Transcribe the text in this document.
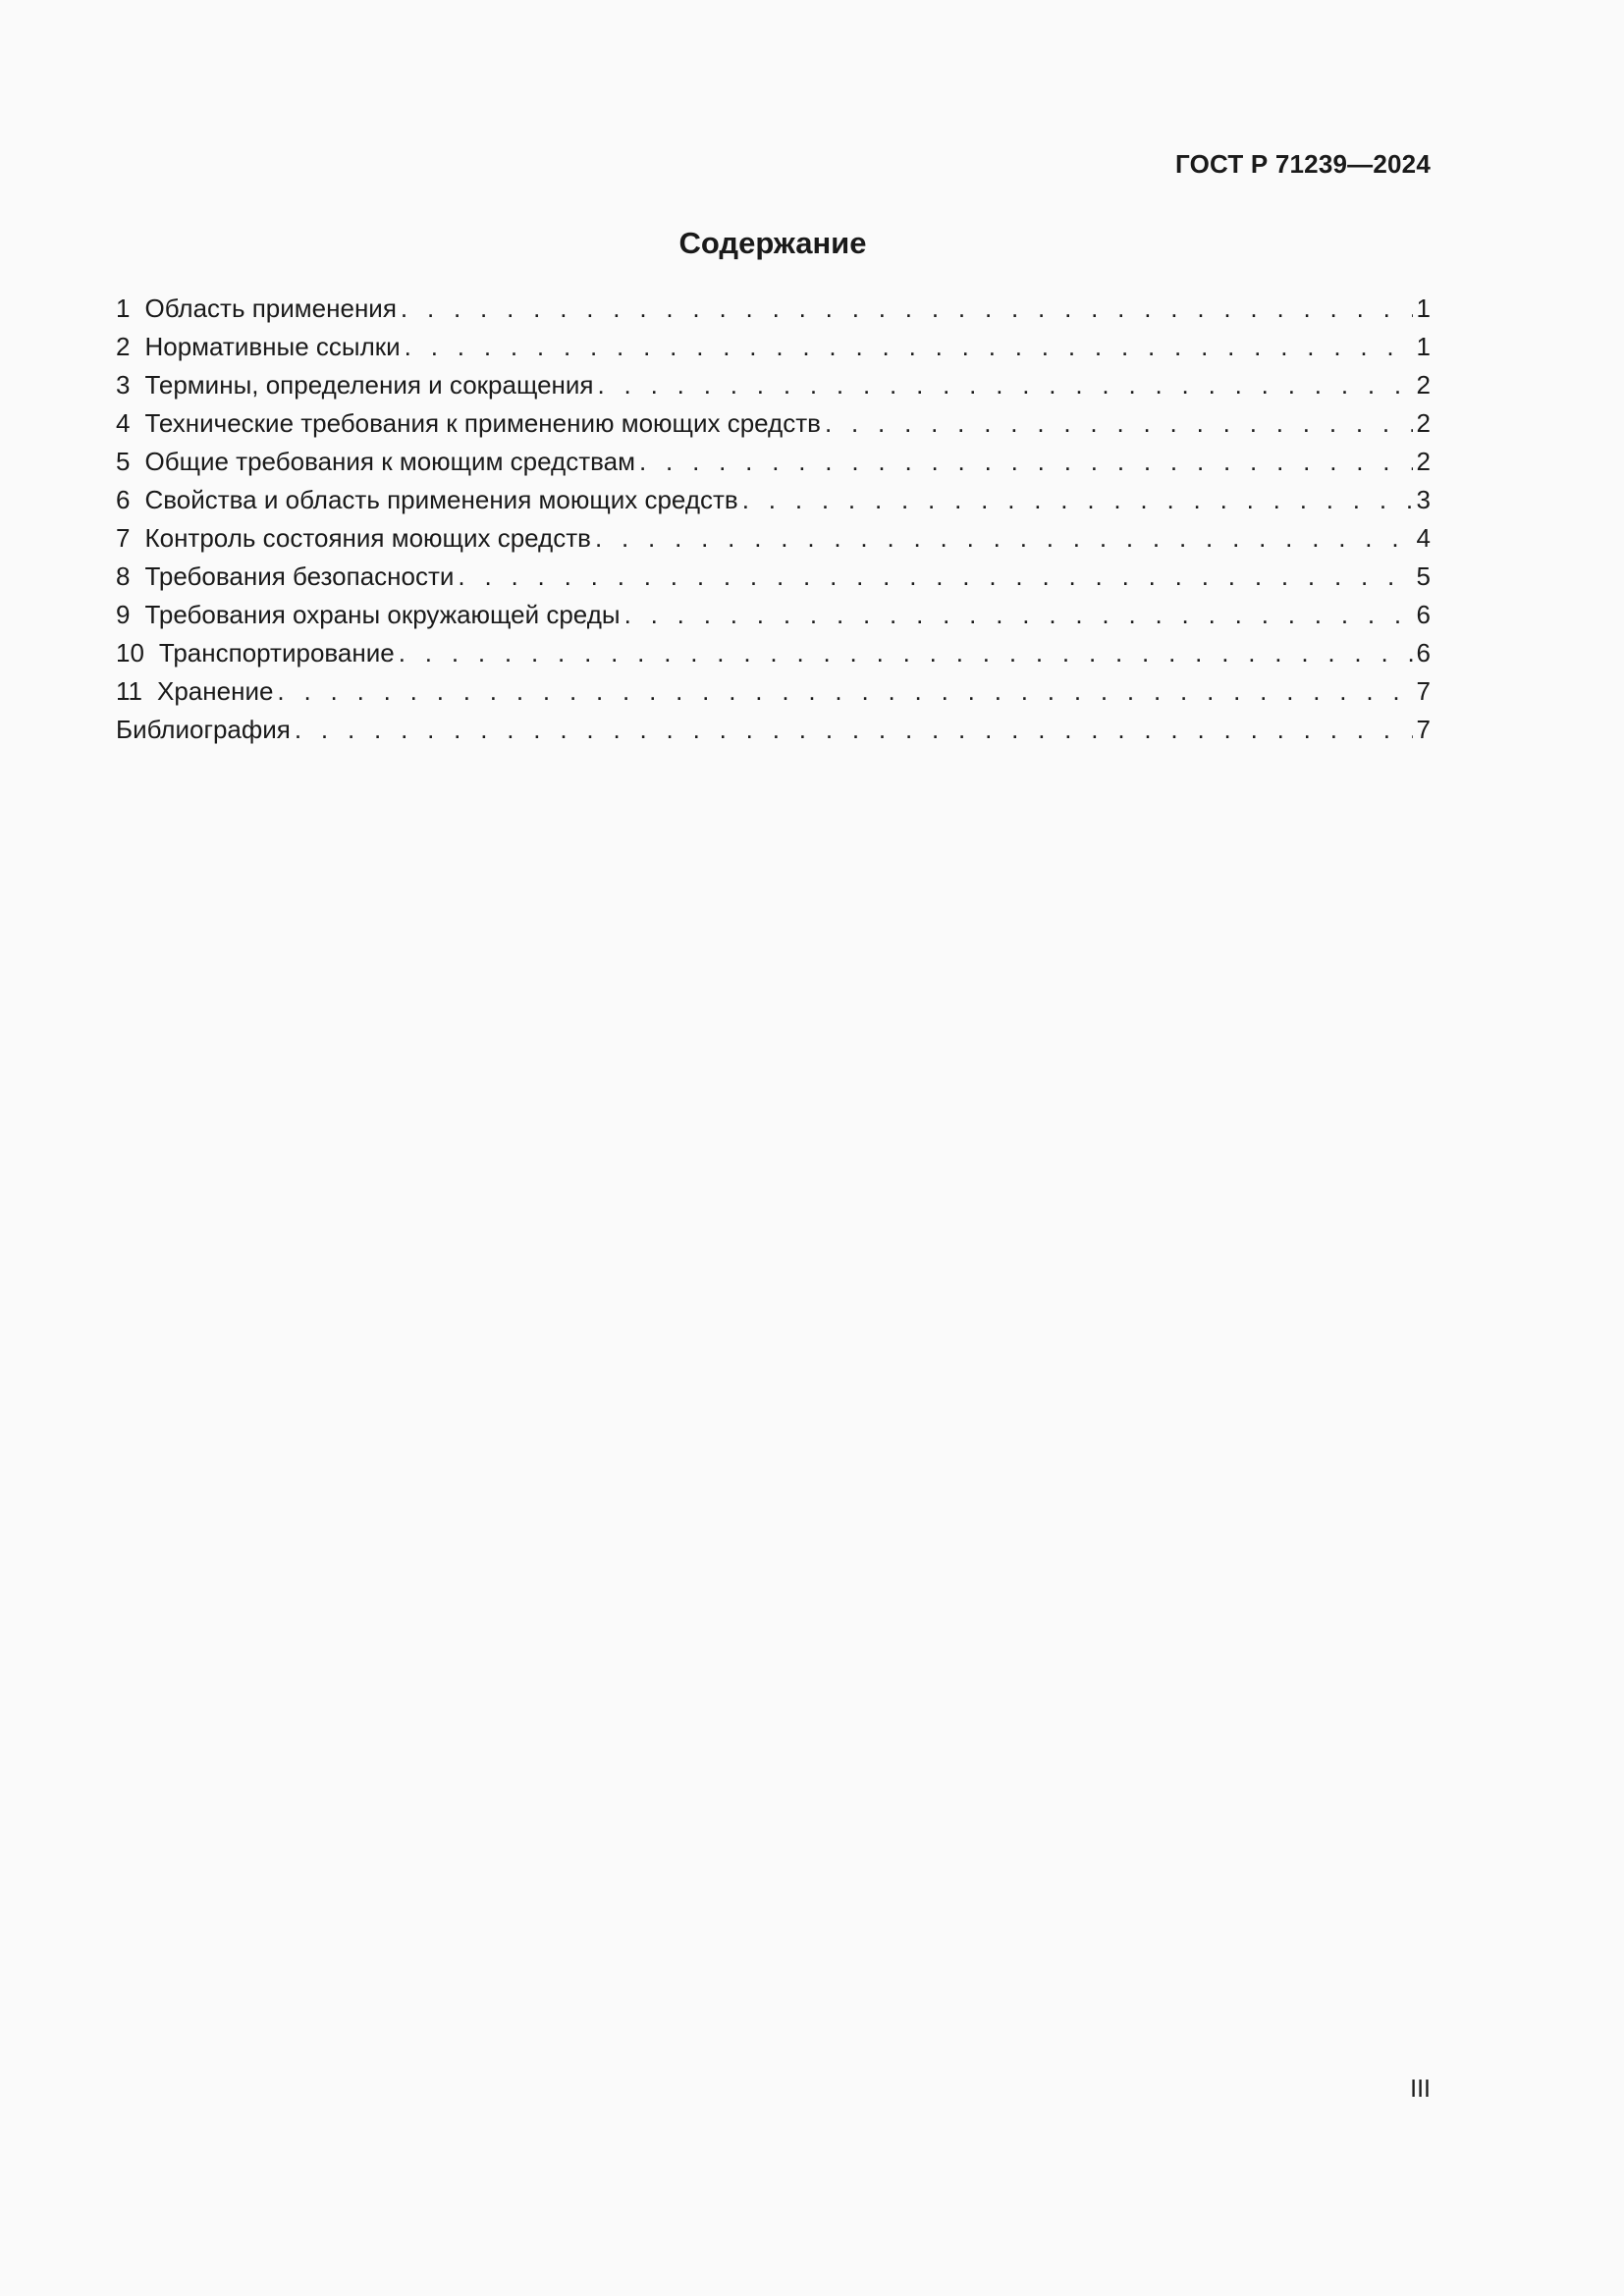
ГОСТ Р 71239—2024
Содержание
1 Область применения . . .	1
2 Нормативные ссылки . . .	1
3 Термины, определения и сокращения . . .	2
4 Технические требования к применению моющих средств . . .	2
5 Общие требования к моющим средствам . . .	2
6 Свойства и область применения моющих средств . . .	3
7 Контроль состояния моющих средств . . .	4
8 Требования безопасности . . .	5
9 Требования охраны окружающей среды . . .	6
10 Транспортирование . . .	6
11 Хранение . . .	7
Библиография . . .	7
III
